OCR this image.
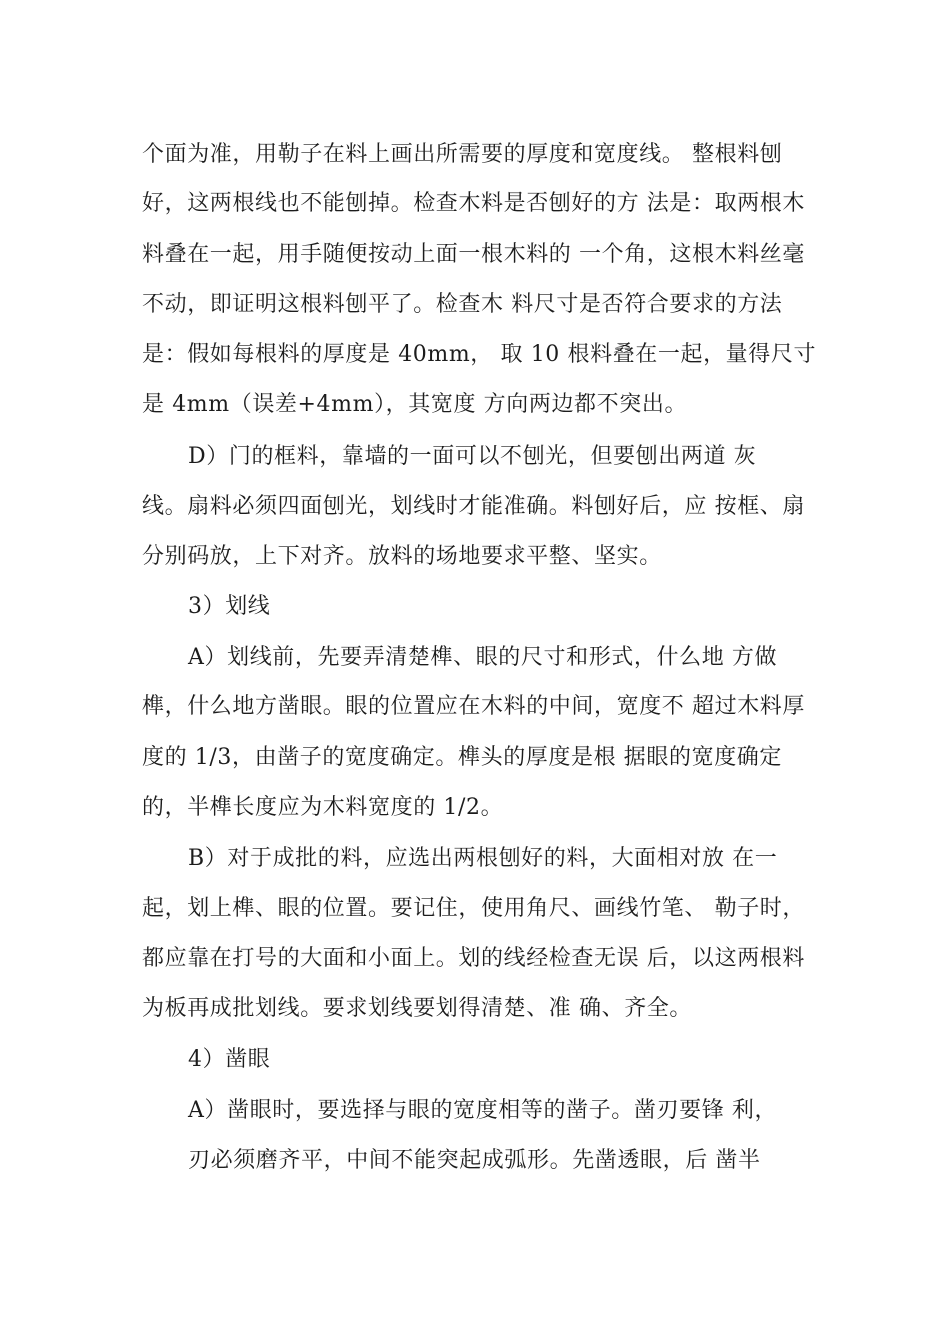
个面为准，用勒子在料上画出所需要的厚度和宽度线。 整根料刨
好，这两根线也不能刨掉。检查木料是否刨好的方 法是：取两根木
料叠在一起，用手随便按动上面一根木料的 一个角，这根木料丝毫
不动，即证明这根料刨平了。检查木 料尺寸是否符合要求的方法
是：假如每根料的厚度是 40mm， 取 10 根料叠在一起，量得尺寸
是 4mm（误差+4mm），其宽度 方向两边都不突出。
D）门的框料，靠墙的一面可以不刨光，但要刨出两道 灰
线。扇料必须四面刨光，划线时才能准确。料刨好后，应 按框、扇
分别码放，上下对齐。放料的场地要求平整、坚实。
3）划线
A）划线前，先要弄清楚榫、眼的尺寸和形式，什么地 方做
榫，什么地方凿眼。眼的位置应在木料的中间，宽度不 超过木料厚
度的 1/3，由凿子的宽度确定。榫头的厚度是根 据眼的宽度确定
的，半榫长度应为木料宽度的 1/2。
B）对于成批的料，应选出两根刨好的料，大面相对放 在一
起，划上榫、眼的位置。要记住，使用角尺、画线竹笔、 勒子时，
都应靠在打号的大面和小面上。划的线经检查无误 后，以这两根料
为板再成批划线。要求划线要划得清楚、准 确、齐全。
4）凿眼
A）凿眼时，要选择与眼的宽度相等的凿子。凿刃要锋 利，
刃必须磨齐平，中间不能突起成弧形。先凿透眼，后 凿半
